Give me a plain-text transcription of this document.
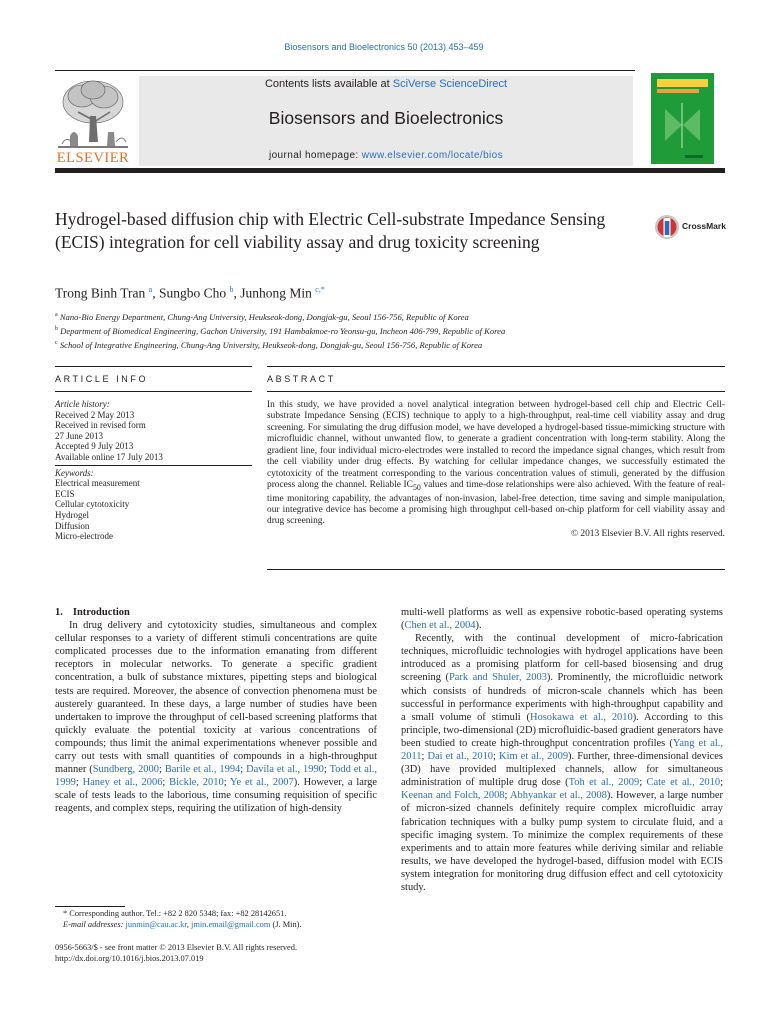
Biosensors and Bioelectronics 50 (2013) 453–459
ELSEVIER
Contents lists available at SciVerse ScienceDirect
Biosensors and Bioelectronics
journal homepage: www.elsevier.com/locate/bios
Hydrogel-based diffusion chip with Electric Cell-substrate Impedance Sensing (ECIS) integration for cell viability assay and drug toxicity screening
CrossMark
Trong Binh Tran $^a$, Sungbo Cho $^b$, Junhong Min $^{c,*}$
$^a$ Nano-Bio Energy Department, Chung-Ang University, Heukseok-dong, Dongjak-gu, Seoul 156-756, Republic of Korea
$^b$ Department of Biomedical Engineering, Gachon University, 191 Hambakmoe-ro Yeonsu-gu, Incheon 406-799, Republic of Korea
$^c$ School of Integrative Engineering, Chung-Ang University, Heukseok-dong, Dongjak-gu, Seoul 156-756, Republic of Korea
ARTICLE INFO	ABSTRACT
Article history:
Received 2 May 2013
Received in revised form
27 June 2013
Accepted 9 July 2013
Available online 17 July 2013
Keywords:
Electrical measurement
ECIS
Cellular cytotoxicity
Hydrogel
Diffusion
Micro-electrode
In this study, we have provided a novel analytical integration between hydrogel-based cell chip and Electric Cell-substrate Impedance Sensing (ECIS) technique to apply to a high-throughput, real-time cell viability assay and drug screening. For simulating the drug diffusion model, we have developed a hydrogel-based tissue-mimicking structure with microfluidic channel, without unwanted flow, to generate a gradient concentration with long-term stability. Along the gradient line, four individual micro-electrodes were installed to record the impedance signal changes, which result from the cell viability under drug effects. By watching for cellular impedance changes, we successfully estimated the cytotoxicity of the treatment corresponding to the various concentration values of stimuli, generated by the diffusion process along the channel. Reliable $IC_{50}$ values and time-dose relationships were also achieved. With the feature of real-time monitoring capability, the advantages of non-invasion, label-free detection, time saving and simple manipulation, our integrative device has become a promising high throughput cell-based on-chip platform for cell viability assay and drug screening.
© 2013 Elsevier B.V. All rights reserved.

1. Introduction

In drug delivery and cytotoxicity studies, simultaneous and complex cellular responses to a variety of different stimuli concentrations are quite complicated processes due to the information emanating from different receptors in molecular networks. To generate a specific gradient concentration, a bulk of substance mixtures, pipetting steps and biological tests are required. Moreover, the absence of convection phenomena must be austerely guaranteed. In these days, a large number of studies have been undertaken to improve the throughput of cell-based screening platforms that quickly evaluate the potential toxicity at various concentrations of compounds; thus limit the animal experimentations whenever possible and carry out tests with small quantities of compounds in a high-throughput manner (Sundberg, 2000; Barile et al., 1994; Davila et al., 1990; Todd et al., 1999; Haney et al., 2006; Bickle, 2010; Ye et al., 2007). However, a large scale of tests leads to the laborious, time consuming requisition of specific reagents, and complex steps, requiring the utilization of high-density

multi-well platforms as well as expensive robotic-based operating systems (Chen et al., 2004).

Recently, with the continual development of micro-fabrication techniques, microfluidic technologies with hydrogel applications have been introduced as a promising platform for cell-based biosensing and drug screening (Park and Shuler, 2003). Prominently, the microfluidic network which consists of hundreds of micron-scale channels which has been successful in performance experiments with high-throughput capability and a small volume of stimuli (Hosokawa et al., 2010). According to this principle, two-dimensional (2D) microfluidic-based gradient generators have been studied to create high-throughput concentration profiles (Yang et al., 2011; Dai et al., 2010; Kim et al., 2009). Further, three-dimensional devices (3D) have provided multiplexed channels, allow for simultaneous administration of multiple drug dose (Toh et al., 2009; Cate et al., 2010; Keenan and Folch, 2008; Abhyankar et al., 2008). However, a large number of micron-sized channels definitely require complex microfluidic array fabrication techniques with a bulky pump system to circulate fluid, and a specific imaging system. To minimize the complex requirements of these experiments and to attain more features while deriving similar and reliable results, we have developed the hydrogel-based, diffusion model with ECIS system integration for monitoring drug diffusion effect and cell cytotoxicity study.

* Corresponding author. Tel.: +82 2 820 5348; fax: +82 28142651.
E-mail addresses: junmin@cau.ac.kr, jmin.email@gmail.com (J. Min).
0956-5663/$ - see front matter © 2013 Elsevier B.V. All rights reserved.
http://dx.doi.org/10.1016/j.bios.2013.07.019
